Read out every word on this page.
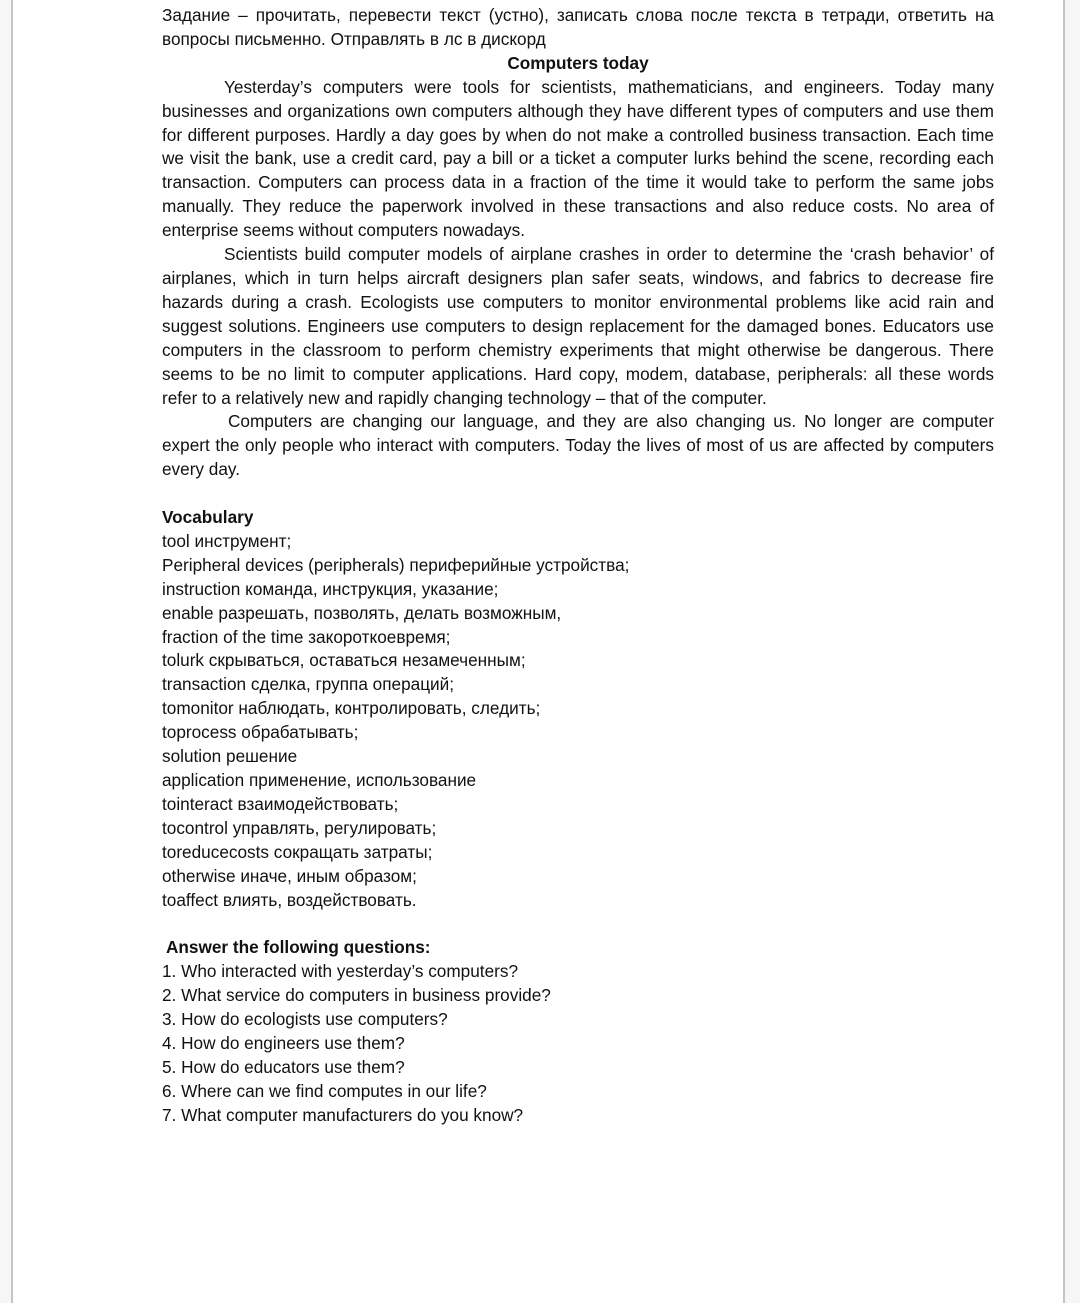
Задание – прочитать, перевести текст (устно), записать слова после текста в тетради, ответить на вопросы письменно. Отправлять в лс в дискорд
Computers today

Yesterday’s computers were tools for scientists, mathematicians, and engineers. Today many businesses and organizations own computers although they have different types of computers and use them for different purposes. Hardly a day goes by when do not make a controlled business transaction. Each time we visit the bank, use a credit card, pay a bill or a ticket a computer lurks behind the scene, recording each transaction. Computers can process data in a fraction of the time it would take to perform the same jobs manually. They reduce the paperwork involved in these transactions and also reduce costs. No area of enterprise seems without computers nowadays.

Scientists build computer models of airplane crashes in order to determine the ‘crash behavior’ of airplanes, which in turn helps aircraft designers plan safer seats, windows, and fabrics to decrease fire hazards during a crash. Ecologists use computers to monitor environmental problems like acid rain and suggest solutions. Engineers use computers to design replacement for the damaged bones. Educators use computers in the classroom to perform chemistry experiments that might otherwise be dangerous. There seems to be no limit to computer applications. Hard copy, modem, database, peripherals: all these words refer to a relatively new and rapidly changing technology – that of the computer.

Computers are changing our language, and they are also changing us. No longer are computer expert the only people who interact with computers. Today the lives of most of us are affected by computers every day.

Vocabulary
tool инструмент;
Peripheral devices (peripherals) периферийные устройства;
instruction команда, инструкция, указание;
enable разрешать, позволять, делать возможным,
fraction of the time закороткоевремя;
tolurk скрываться, оставаться незамеченным;
transaction сделка, группа операций;
tomonitor наблюдать, контролировать, следить;
toprocess обрабатывать;
solution решение
application применение, использование
tointeract взаимодействовать;
tocontrol управлять, регулировать;
toreducecosts сокращать затраты;
otherwise иначе, иным образом;
toaffect влиять, воздействовать.
Answer the following questions:
1. Who interacted with yesterday’s computers?
2. What service do computers in business provide?
3. How do ecologists use computers?
4. How do engineers use them?
5. How do educators use them?
6. Where can we find computes in our life?
7. What computer manufacturers do you know?
